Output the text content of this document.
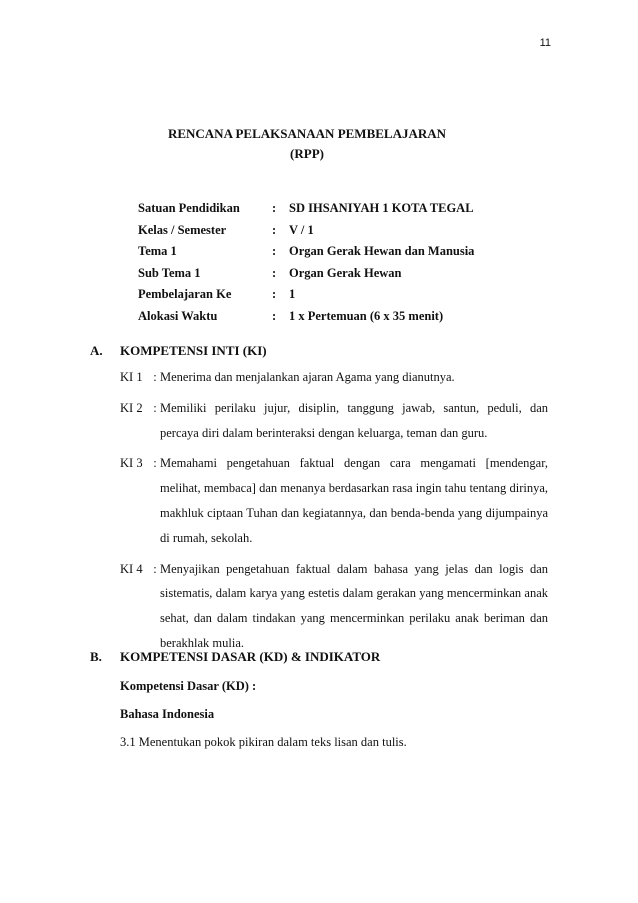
11
RENCANA PELAKSANAAN PEMBELAJARAN
(RPP)
Satuan Pendidikan	:	SD IHSANIYAH 1 KOTA TEGAL
Kelas / Semester	:	V / 1
Tema 1	:	Organ Gerak Hewan dan Manusia
Sub Tema 1	:	Organ Gerak Hewan
Pembelajaran Ke	:	1
Alokasi Waktu	:	1 x Pertemuan (6 x 35 menit)
A.	KOMPETENSI INTI (KI)
KI 1 : Menerima dan menjalankan ajaran Agama yang dianutnya.
KI 2 : Memiliki perilaku jujur, disiplin, tanggung jawab, santun, peduli, dan percaya diri dalam berinteraksi dengan keluarga, teman dan guru.
KI 3 : Memahami pengetahuan faktual dengan cara mengamati [mendengar, melihat, membaca] dan menanya berdasarkan rasa ingin tahu tentang dirinya, makhluk ciptaan Tuhan dan kegiatannya, dan benda-benda yang dijumpainya di rumah, sekolah.
KI 4 : Menyajikan pengetahuan faktual dalam bahasa yang jelas dan logis dan sistematis, dalam karya yang estetis dalam gerakan yang mencerminkan anak sehat, dan dalam tindakan yang mencerminkan perilaku anak beriman dan berakhlak mulia.
B.	KOMPETENSI DASAR (KD) & INDIKATOR
Kompetensi Dasar (KD) :
Bahasa Indonesia
3.1 Menentukan pokok pikiran dalam teks lisan dan tulis.
